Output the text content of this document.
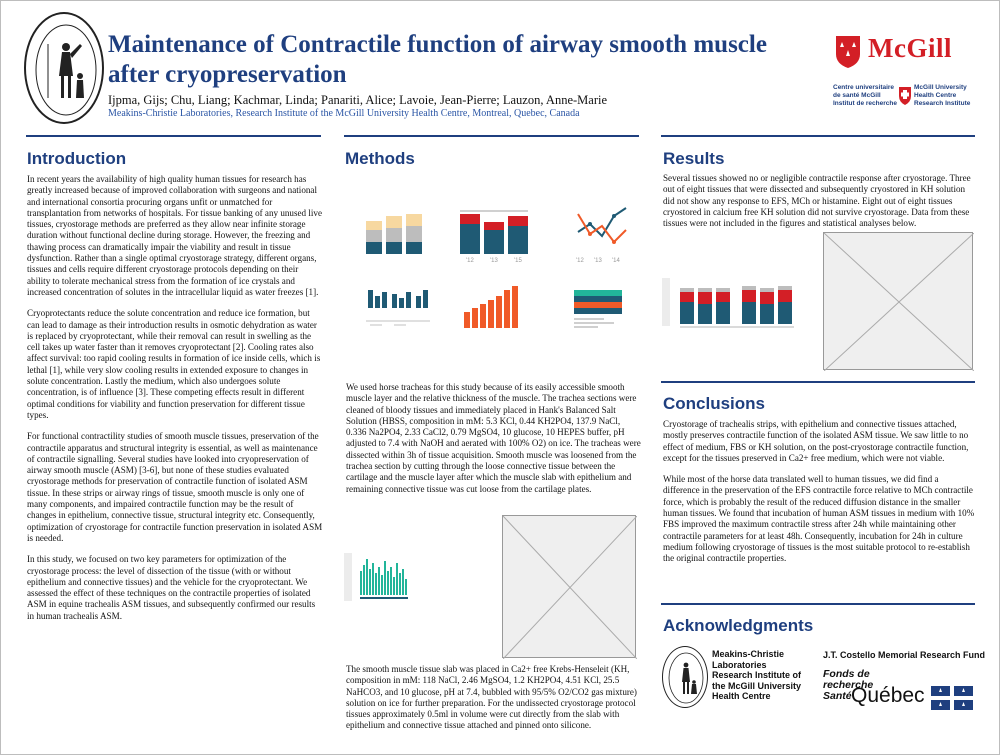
Maintenance of Contractile function of airway smooth muscle after cryopreservation
Ijpma, Gijs; Chu, Liang; Kachmar, Linda; Panariti, Alice; Lavoie, Jean-Pierre; Lauzon, Anne-Marie
Meakins-Christie Laboratories, Research Institute of the McGill University Health Centre, Montreal, Quebec, Canada
McGill
Centre universitaire
de santé McGill
Institut de recherche
McGill University
Health Centre
Research Institute
Introduction

In recent years the availability of high quality human tissues for research has greatly increased because of improved collaboration with surgeons and national and international consortia procuring organs unfit or unmatched for transplantation from networks of hospitals. For tissue banking of any unused live tissues, cryostorage methods are preferred as they allow near infinite storage duration without functional decline during storage. However, the freezing and thawing process can dramatically impair the viability and result in tissue dysfunction. Rather than a single optimal cryostorage strategy, different organs, tissues and cells require different cryostorage protocols depending on their ability to tolerate mechanical stress from the formation of ice crystals and increased concentration of solutes in the intracellular liquid as water freezes [1].

Cryoprotectants reduce the solute concentration and reduce ice formation, but can lead to damage as their introduction results in osmotic dehydration as water is replaced by cryoprotectant, while their removal can result in swelling as the cell takes up water faster than it removes cryoprotectant [2]. Cooling rates also affect survival: too rapid cooling results in formation of ice inside cells, which is lethal [1], while very slow cooling results in extended exposure to changes in solute concentration. Lastly the medium, which also undergoes solute concentration, is of influence [3]. These competing effects result in different optimal conditions for viability and function preservation for different tissue types.

For functional contractility studies of smooth muscle tissues, preservation of the contractile apparatus and structural integrity is essential, as well as maintenance of contractile signalling. Several studies have looked into cryopreservation of airway smooth muscle (ASM) [3-6], but none of these studies evaluated cryostorage methods for preservation of contractile function of isolated ASM tissue. In these strips or airway rings of tissue, smooth muscle is only one of many components, and impaired contractile function may be the result of changes in epithelium, connective tissue, structural integrity etc. Consequently, optimization of cryostorage for contractile function preservation in isolated ASM is needed.

In this study, we focused on two key parameters for optimization of the cryostorage process: the level of dissection of the tissue (with or without epithelium and connective tissues) and the vehicle for the cryoprotectant. We assessed the effect of these techniques on the contractile properties of isolated ASM in equine trachealis ASM tissues, and subsequently confirmed our results in human trachealis ASM.

Methods
'12	'13	'15	'12 '13 '14

We used horse tracheas for this study because of its easily accessible smooth muscle layer and the relative thickness of the muscle. The trachea sections were cleaned of bloody tissues and immediately placed in Hank's Balanced Salt Solution (HBSS, composition in mM: 5.3 KCl, 0.44 KH2PO4, 137.9 NaCl, 0.336 Na2PO4, 2.33 CaCl2, 0.79 MgSO4, 10 glucose, 10 HEPES buffer, pH adjusted to 7.4 with NaOH and aerated with 100% O2) on ice. The tracheas were dissected within 3h of tissue acquisition. Smooth muscle was loosened from the trachea section by cutting through the loose connective tissue between the cartilage and the muscle layer after which the muscle slab with epithelium and remaining connective tissue was cut loose from the cartilage plates.

The smooth muscle tissue slab was placed in Ca2+ free Krebs-Henseleit (KH, composition in mM: 118 NaCl, 2.46 MgSO4, 1.2 KH2PO4, 4.51 KCl, 25.5 NaHCO3, and 10 glucose, pH at 7.4, bubbled with 95/5% O2/CO2 gas mixture) solution on ice for further preparation. For the undissected cryostorage protocol tissues approximately 0.5ml in volume were cut directly from the slab with epithelium and connective tissue attached and pinned onto silicone.

Results

Several tissues showed no or negligible contractile response after cryostorage. Three out of eight tissues that were dissected and subsequently cryostored in KH solution did not show any response to EFS, MCh or histamine. Eight out of eight tissues cryostored in calcium free KH solution did not survive cryostorage. Data from these tissues were not included in the figures and statistical analyses below.

Conclusions

Cryostorage of trachealis strips, with epithelium and connective tissues attached, mostly preserves contractile function of the isolated ASM tissue. We saw little to no effect of medium, FBS or KH solution, on the post-cryostorage contractile function, except for the tissues preserved in Ca2+ free medium, which were not viable.

While most of the horse data translated well to human tissues, we did find a difference in the preservation of the EFS contractile force relative to MCh contractile force, which is probably the result of the reduced diffusion distance in the smaller human tissues. We found that incubation of human ASM tissues in medium with 10% FBS improved the maximum contractile stress after 24h while maintaining other contractile parameters for at least 48h. Consequently, incubation for 24h in culture medium following cryostorage of tissues is the most suitable protocol to re-establish the original contractile properties.

Acknowledgments
Meakins-Christie
Laboratories
Research Institute of
the McGill University
Health Centre
J.T. Costello Memorial Research Fund
Fonds de recherche
Santé Québec
